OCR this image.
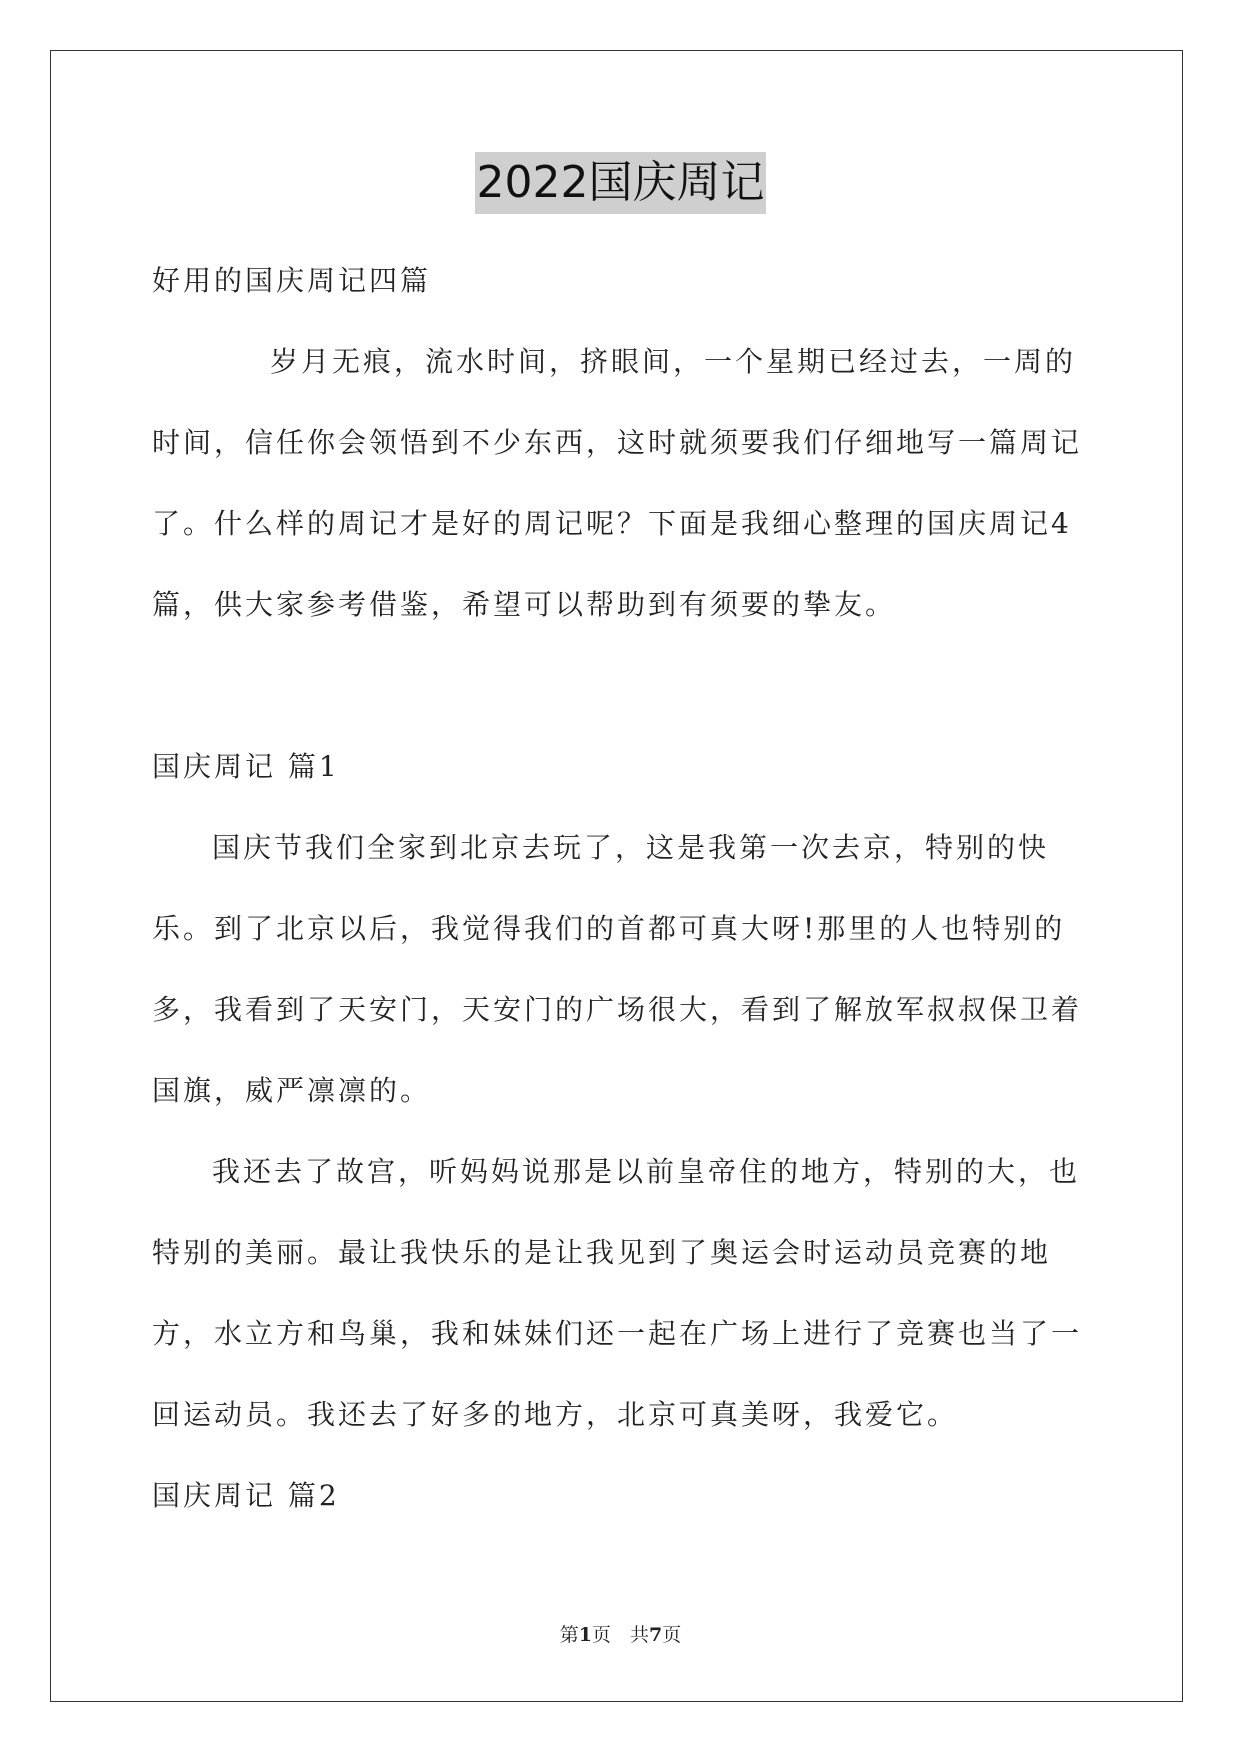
2022国庆周记

好用的国庆周记四篇

岁月无痕，流水时间，挤眼间，一个星期已经过去，一周的时间，信任你会领悟到不少东西，这时就须要我们仔细地写一篇周记了。什么样的周记才是好的周记呢？下面是我细心整理的国庆周记4篇，供大家参考借鉴，希望可以帮助到有须要的挚友。

国庆周记 篇1

国庆节我们全家到北京去玩了，这是我第一次去京，特别的快乐。到了北京以后，我觉得我们的首都可真大呀!那里的人也特别的多，我看到了天安门，天安门的广场很大，看到了解放军叔叔保卫着国旗，威严凛凛的。

我还去了故宫，听妈妈说那是以前皇帝住的地方，特别的大，也特别的美丽。最让我快乐的是让我见到了奥运会时运动员竞赛的地方，水立方和鸟巢，我和妹妹们还一起在广场上进行了竞赛也当了一回运动员。我还去了好多的地方，北京可真美呀，我爱它。

国庆周记 篇2

第1页　共7页
